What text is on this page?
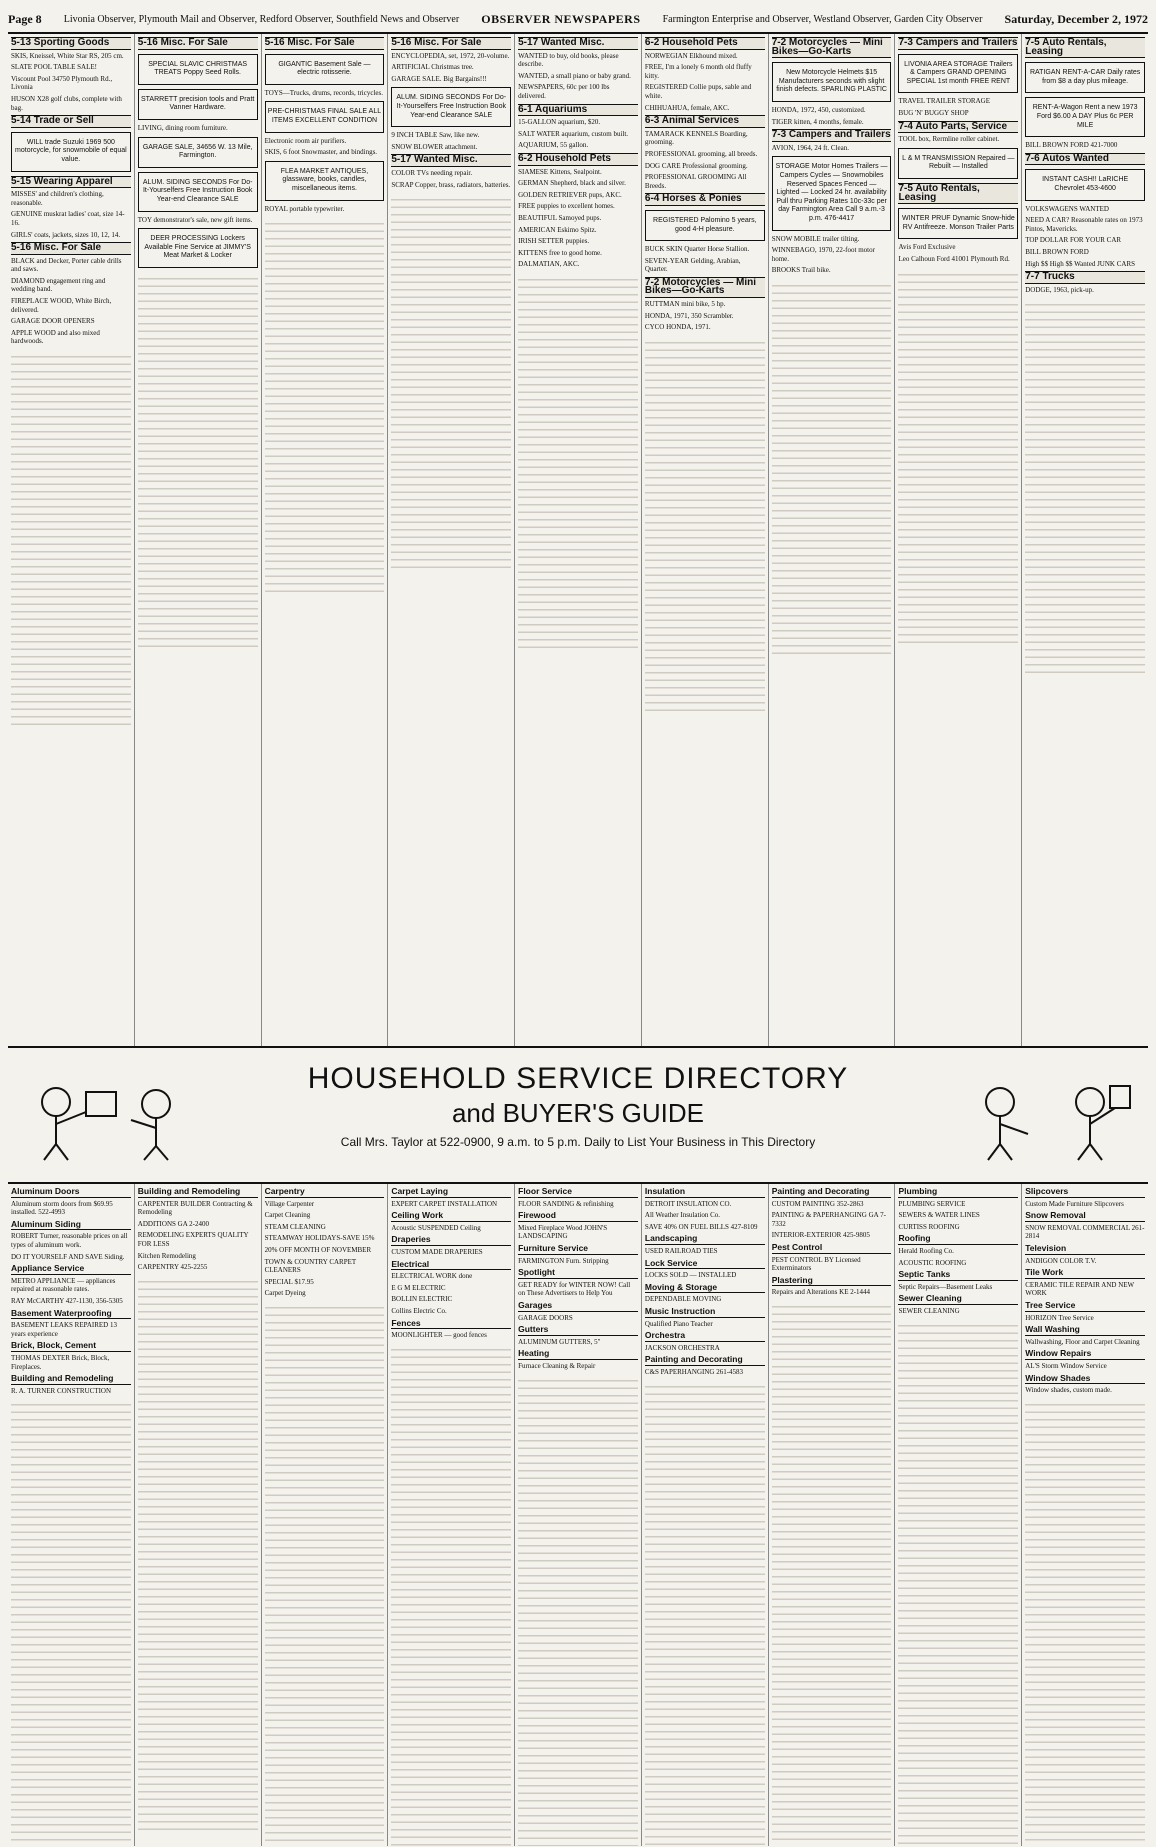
Page 8 Livonia Observer, Plymouth Mail and Observer, Redford Observer, Southfield News and Observer OBSERVER NEWSPAPERS Farmington Enterprise and Observer, Westland Observer, Garden City Observer Saturday, December 2, 1972
5-13 Sporting Goods
SKIS, Kneissel, White Star RS, 205 cm.
SLATE POOL TABLE SALE!
Viscount Pool 34750 Plymouth Rd., Livonia
HUSON X28 golf clubs, complete with bag.
5-14 Trade or Sell
WILL trade Suzuki 1969 500 motorcycle, for snowmobile of equal value.
5-15 Wearing Apparel
MISSES' and children's clothing, reasonable.
GENUINE muskrat ladies' coat, size 14-16.
GIRLS' coats, jackets, sizes 10, 12, 14.
5-16 Misc. For Sale
BLACK and Decker, Porter cable drills and saws.
DIAMOND engagement ring and wedding band.
FIREPLACE WOOD, White Birch, delivered.
GARAGE DOOR OPENERS
APPLE WOOD and also mixed hardwoods.
5-16 Misc. For Sale
SPECIAL SLAVIC CHRISTMAS TREATS Poppy Seed Rolls.
STARRETT precision tools and Pratt Vanner Hardware.
LIVING, dining room furniture.
GARAGE SALE, 34656 W. 13 Mile, Farmington.
ALUM. SIDING SECONDS For Do-It-Yourselfers Free Instruction Book Year-end Clearance SALE
TOY demonstrator's sale, new gift items.
DEER PROCESSING Lockers Available Fine Service at JIMMY'S Meat Market & Locker
5-16 Misc. For Sale
GIGANTIC Basement Sale — electric rotisserie.
TOYS—Trucks, drums, records, tricycles.
PRE-CHRISTMAS FINAL SALE ALL ITEMS EXCELLENT CONDITION
Electronic room air purifiers.
SKIS, 6 foot Snowmaster, and bindings.
FLEA MARKET ANTIQUES, glassware, books, candles, miscellaneous items.
ROYAL portable typewriter.
5-16 Misc. For Sale
ENCYCLOPEDIA, set, 1972, 20-volume.
ARTIFICIAL Christmas tree.
GARAGE SALE. Big Bargains!!!
ALUM. SIDING SECONDS For Do-It-Yourselfers Free Instruction Book Year-end Clearance SALE
9 INCH TABLE Saw, like new.
SNOW BLOWER attachment.
5-17 Wanted Misc.
COLOR TVs needing repair.
SCRAP Copper, brass, radiators, batteries.
5-17 Wanted Misc.
WANTED to buy, old books, please describe.
WANTED, a small piano or baby grand.
NEWSPAPERS, 60c per 100 lbs delivered.
6-1 Aquariums
15-GALLON aquarium, $20.
SALT WATER aquarium, custom built.
AQUARIUM, 55 gallon.
6-2 Household Pets
SIAMESE Kittens, Sealpoint.
GERMAN Shepherd, black and silver.
GOLDEN RETRIEVER pups, AKC.
FREE puppies to excellent homes.
BEAUTIFUL Samoyed pups.
AMERICAN Eskimo Spitz.
IRISH SETTER puppies.
KITTENS free to good home.
DALMATIAN, AKC.
6-2 Household Pets
NORWEGIAN Elkhound mixed.
FREE, I'm a lonely 6 month old fluffy kitty.
REGISTERED Collie pups, sable and white.
CHIHUAHUA, female, AKC.
6-3 Animal Services
TAMARACK KENNELS Boarding, grooming.
PROFESSIONAL grooming, all breeds.
DOG CARE Professional grooming.
PROFESSIONAL GROOMING All Breeds.
6-4 Horses & Ponies
REGISTERED Palomino 5 years, good 4-H pleasure.
BUCK SKIN Quarter Horse Stallion.
SEVEN-YEAR Gelding, Arabian, Quarter.
7-2 Motorcycles — Mini Bikes—Go-Karts
RUTTMAN mini bike, 5 hp.
HONDA, 1971, 350 Scrambler.
CYCO HONDA, 1971.
7-2 Motorcycles — Mini Bikes—Go-Karts
New Motorcycle Helmets $15 Manufacturers seconds with slight finish defects. SPARLING PLASTIC
HONDA, 1972, 450, customized.
TIGER kitten, 4 months, female.
7-3 Campers and Trailers
AVION, 1964, 24 ft. Clean.
STORAGE Motor Homes Trailers — Campers Cycles — Snowmobiles Reserved Spaces Fenced — Lighted — Locked 24 hr. availability Pull thru Parking Rates 10c-33c per day Farmington Area Call 9 a.m.-3 p.m. 476-4417
SNOW MOBILE trailer tilting.
WINNEBAGO, 1970, 22-foot motor home.
BROOKS Trail bike.
7-3 Campers and Trailers
LIVONIA AREA STORAGE Trailers & Campers GRAND OPENING SPECIAL 1st month FREE RENT
TRAVEL TRAILER STORAGE
BUG 'N' BUGGY SHOP
7-4 Auto Parts, Service
TOOL box, Rermline roller cabinet.
L & M TRANSMISSION Repaired — Rebuilt — Installed
7-5 Auto Rentals, Leasing
WINTER PRUF Dynamic Snow-hide RV Antifreeze. Monson Trailer Parts
Avis Ford Exclusive
Leo Calhoun Ford 41001 Plymouth Rd.
7-5 Auto Rentals, Leasing
RATIGAN RENT-A-CAR Daily rates from $8 a day plus mileage.
RENT-A-Wagon Rent a new 1973 Ford $6.00 A DAY Plus 6c PER MILE
BILL BROWN FORD 421-7000
7-6 Autos Wanted
INSTANT CASH!! LaRICHE Chevrolet 453-4600
VOLKSWAGENS WANTED
NEED A CAR? Reasonable rates on 1973 Pintos, Mavericks.
TOP DOLLAR FOR YOUR CAR
BILL BROWN FORD
High $$ High $$ Wanted JUNK CARS
7-7 Trucks
DODGE, 1963, pick-up.
HOUSEHOLD SERVICE DIRECTORY
and BUYER'S GUIDE
Call Mrs. Taylor at 522-0900, 9 a.m. to 5 p.m. Daily to List Your Business in This Directory
Aluminum Doors
Aluminum storm doors from $69.95 installed. 522-4993
Aluminum Siding
ROBERT Turner, reasonable prices on all types of aluminum work.
DO IT YOURSELF AND SAVE Siding.
Appliance Service
METRO APPLIANCE — appliances repaired at reasonable rates.
RAY McCARTHY 427-1130, 356-5305
Basement Waterproofing
BASEMENT LEAKS REPAIRED 13 years experience
Brick, Block, Cement
THOMAS DEXTER Brick, Block, Fireplaces.
Building and Remodeling
R. A. TURNER CONSTRUCTION
Building and Remodeling
CARPENTER BUILDER Contracting & Remodeling
ADDITIONS GA 2-2400
REMODELING EXPERTS QUALITY FOR LESS
Kitchen Remodeling
CARPENTRY 425-2255
Carpentry
Village Carpenter
Carpet Cleaning
STEAM CLEANING
STEAMWAY HOLIDAYS-SAVE 15%
20% OFF MONTH OF NOVEMBER
TOWN & COUNTRY CARPET CLEANERS
SPECIAL $17.95
Carpet Dyeing
Carpet Laying
EXPERT CARPET INSTALLATION
Ceiling Work
Acoustic SUSPENDED Ceiling
Draperies
CUSTOM MADE DRAPERIES
Electrical
ELECTRICAL WORK done
E G M ELECTRIC
BOLLIN ELECTRIC
Collins Electric Co.
Fences
MOONLIGHTER — good fences
Floor Service
FLOOR SANDING & refinishing
Firewood
Mixed Fireplace Wood JOHN'S LANDSCAPING
Furniture Service
FARMINGTON Furn. Stripping
Spotlight
GET READY for WINTER NOW! Call on These Advertisers to Help You
Garages
GARAGE DOORS
Gutters
ALUMINUM GUTTERS, 5"
Heating
Furnace Cleaning & Repair
Insulation
DETROIT INSULATION CO.
All Weather Insulation Co.
SAVE 40% ON FUEL BILLS 427-8109
Landscaping
USED RAILROAD TIES
Lock Service
LOCKS SOLD — INSTALLED
Moving & Storage
DEPENDABLE MOVING
Music Instruction
Qualified Piano Teacher
Orchestra
JACKSON ORCHESTRA
Painting and Decorating
C&S PAPERHANGING 261-4583
Painting and Decorating
CUSTOM PAINTING 352-2863
PAINTING & PAPERHANGING GA 7-7332
INTERIOR-EXTERIOR 425-9805
Pest Control
PEST CONTROL BY Licensed Exterminators
Plastering
Repairs and Alterations KE 2-1444
Plumbing
PLUMBING SERVICE
SEWERS & WATER LINES
CURTISS ROOFING
Roofing
Herald Roofing Co.
ACOUSTIC ROOFING
Septic Tanks
Septic Repairs—Basement Leaks
Sewer Cleaning
SEWER CLEANING
Slipcovers
Custom Made Furniture Slipcovers
Snow Removal
SNOW REMOVAL COMMERCIAL 261-2814
Television
ANDIGON COLOR T.V.
Tile Work
CERAMIC TILE REPAIR AND NEW WORK
Tree Service
HORIZON Tree Service
Wall Washing
Wallwashing, Floor and Carpet Cleaning
Window Repairs
AL'S Storm Window Service
Window Shades
Window shades, custom made.
